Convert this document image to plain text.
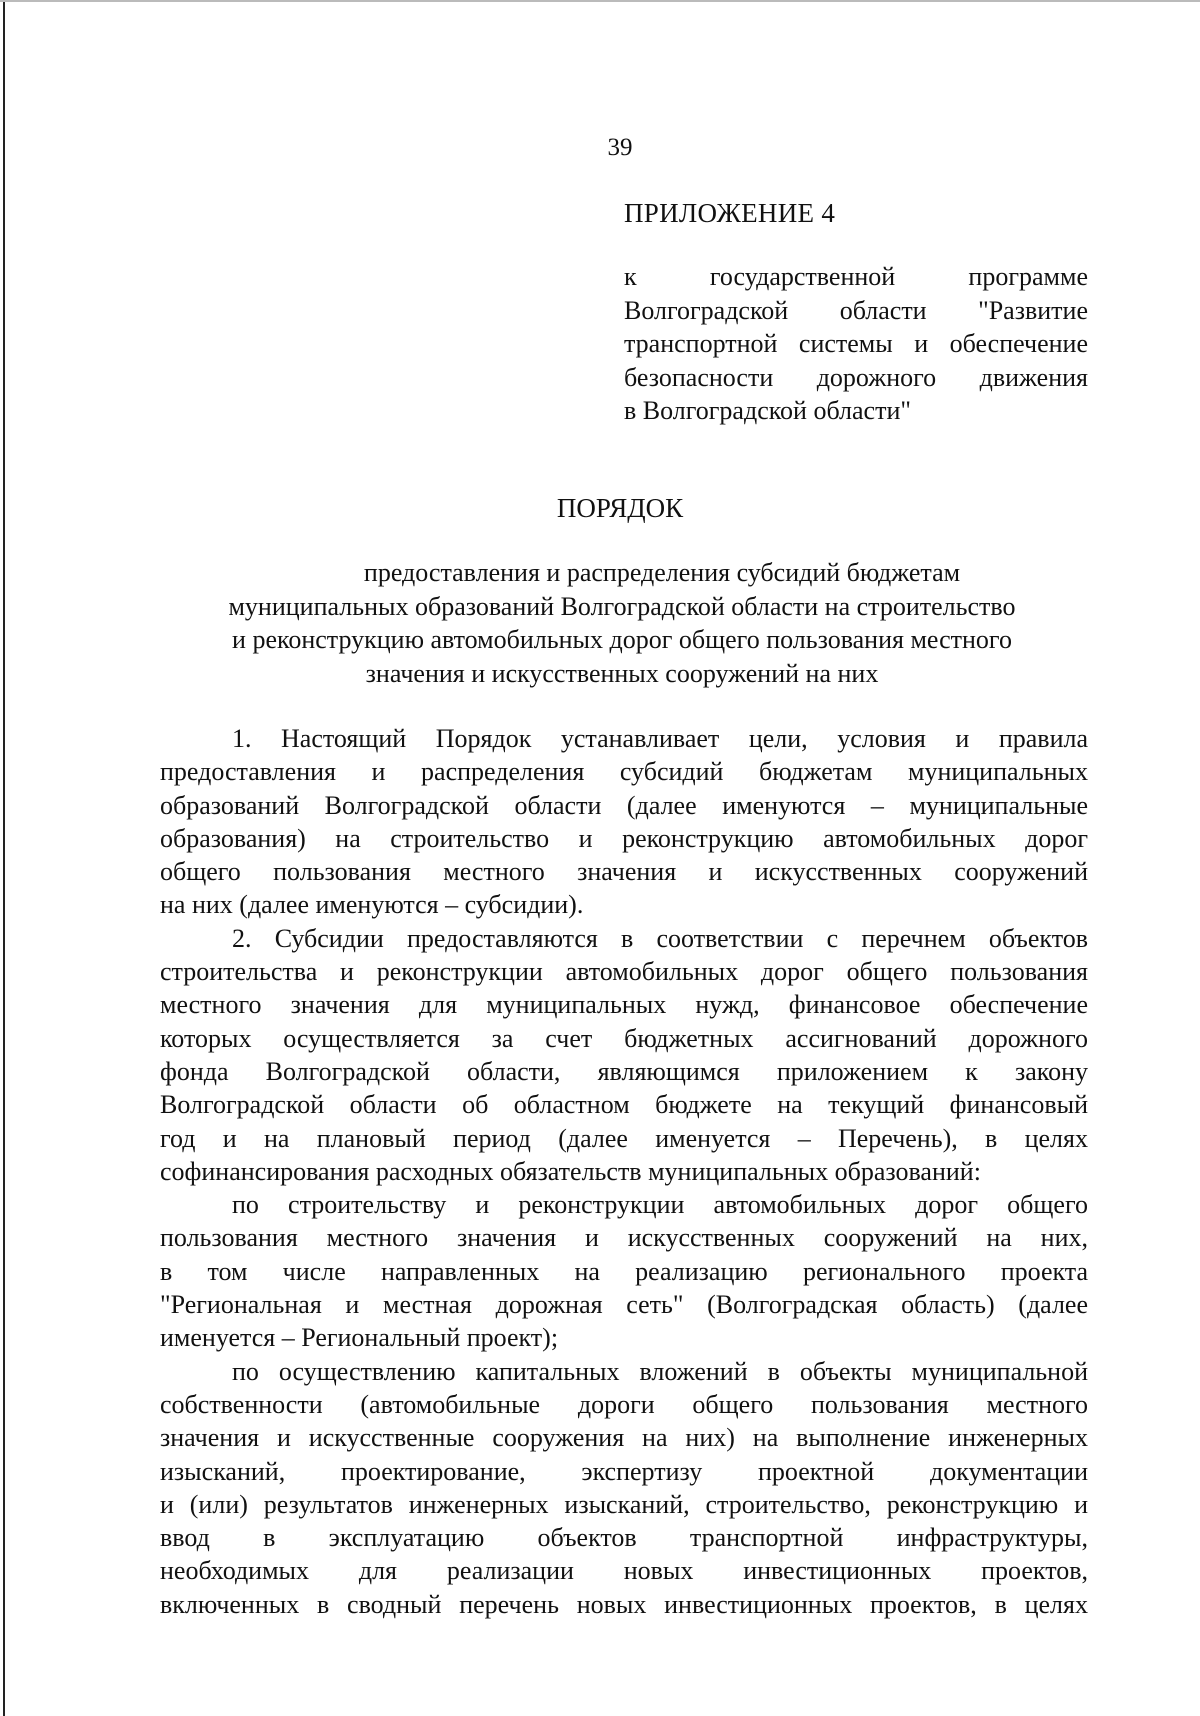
39
ПРИЛОЖЕНИЕ 4
к государственной программе
Волгоградской области "Развитие
транспортной системы и обеспечение
безопасности дорожного движения
в Волгоградской области"
ПОРЯДОК
предоставления и распределения субсидий бюджетам
муниципальных образований Волгоградской области на строительство
и реконструкцию автомобильных дорог общего пользования местного
значения и искусственных сооружений на них
1. Настоящий Порядок устанавливает цели, условия и правила
предоставления и распределения субсидий бюджетам муниципальных
образований Волгоградской области (далее именуются – муниципальные
образования) на строительство и реконструкцию автомобильных дорог
общего пользования местного значения и искусственных сооружений
на них (далее именуются – субсидии).
2. Субсидии предоставляются в соответствии с перечнем объектов
строительства и реконструкции автомобильных дорог общего пользования
местного значения для муниципальных нужд, финансовое обеспечение
которых осуществляется за счет бюджетных ассигнований дорожного
фонда Волгоградской области, являющимся приложением к закону
Волгоградской области об областном бюджете на текущий финансовый
год и на плановый период (далее именуется – Перечень), в целях
софинансирования расходных обязательств муниципальных образований:
по строительству и реконструкции автомобильных дорог общего
пользования местного значения и искусственных сооружений на них,
в том числе направленных на реализацию регионального проекта
"Региональная и местная дорожная сеть" (Волгоградская область) (далее
именуется – Региональный проект);
по осуществлению капитальных вложений в объекты муниципальной
собственности (автомобильные дороги общего пользования местного
значения и искусственные сооружения на них) на выполнение инженерных
изысканий, проектирование, экспертизу проектной документации
и (или) результатов инженерных изысканий, строительство, реконструкцию и
ввод в эксплуатацию объектов транспортной инфраструктуры,
необходимых для реализации новых инвестиционных проектов,
включенных в сводный перечень новых инвестиционных проектов, в целях
